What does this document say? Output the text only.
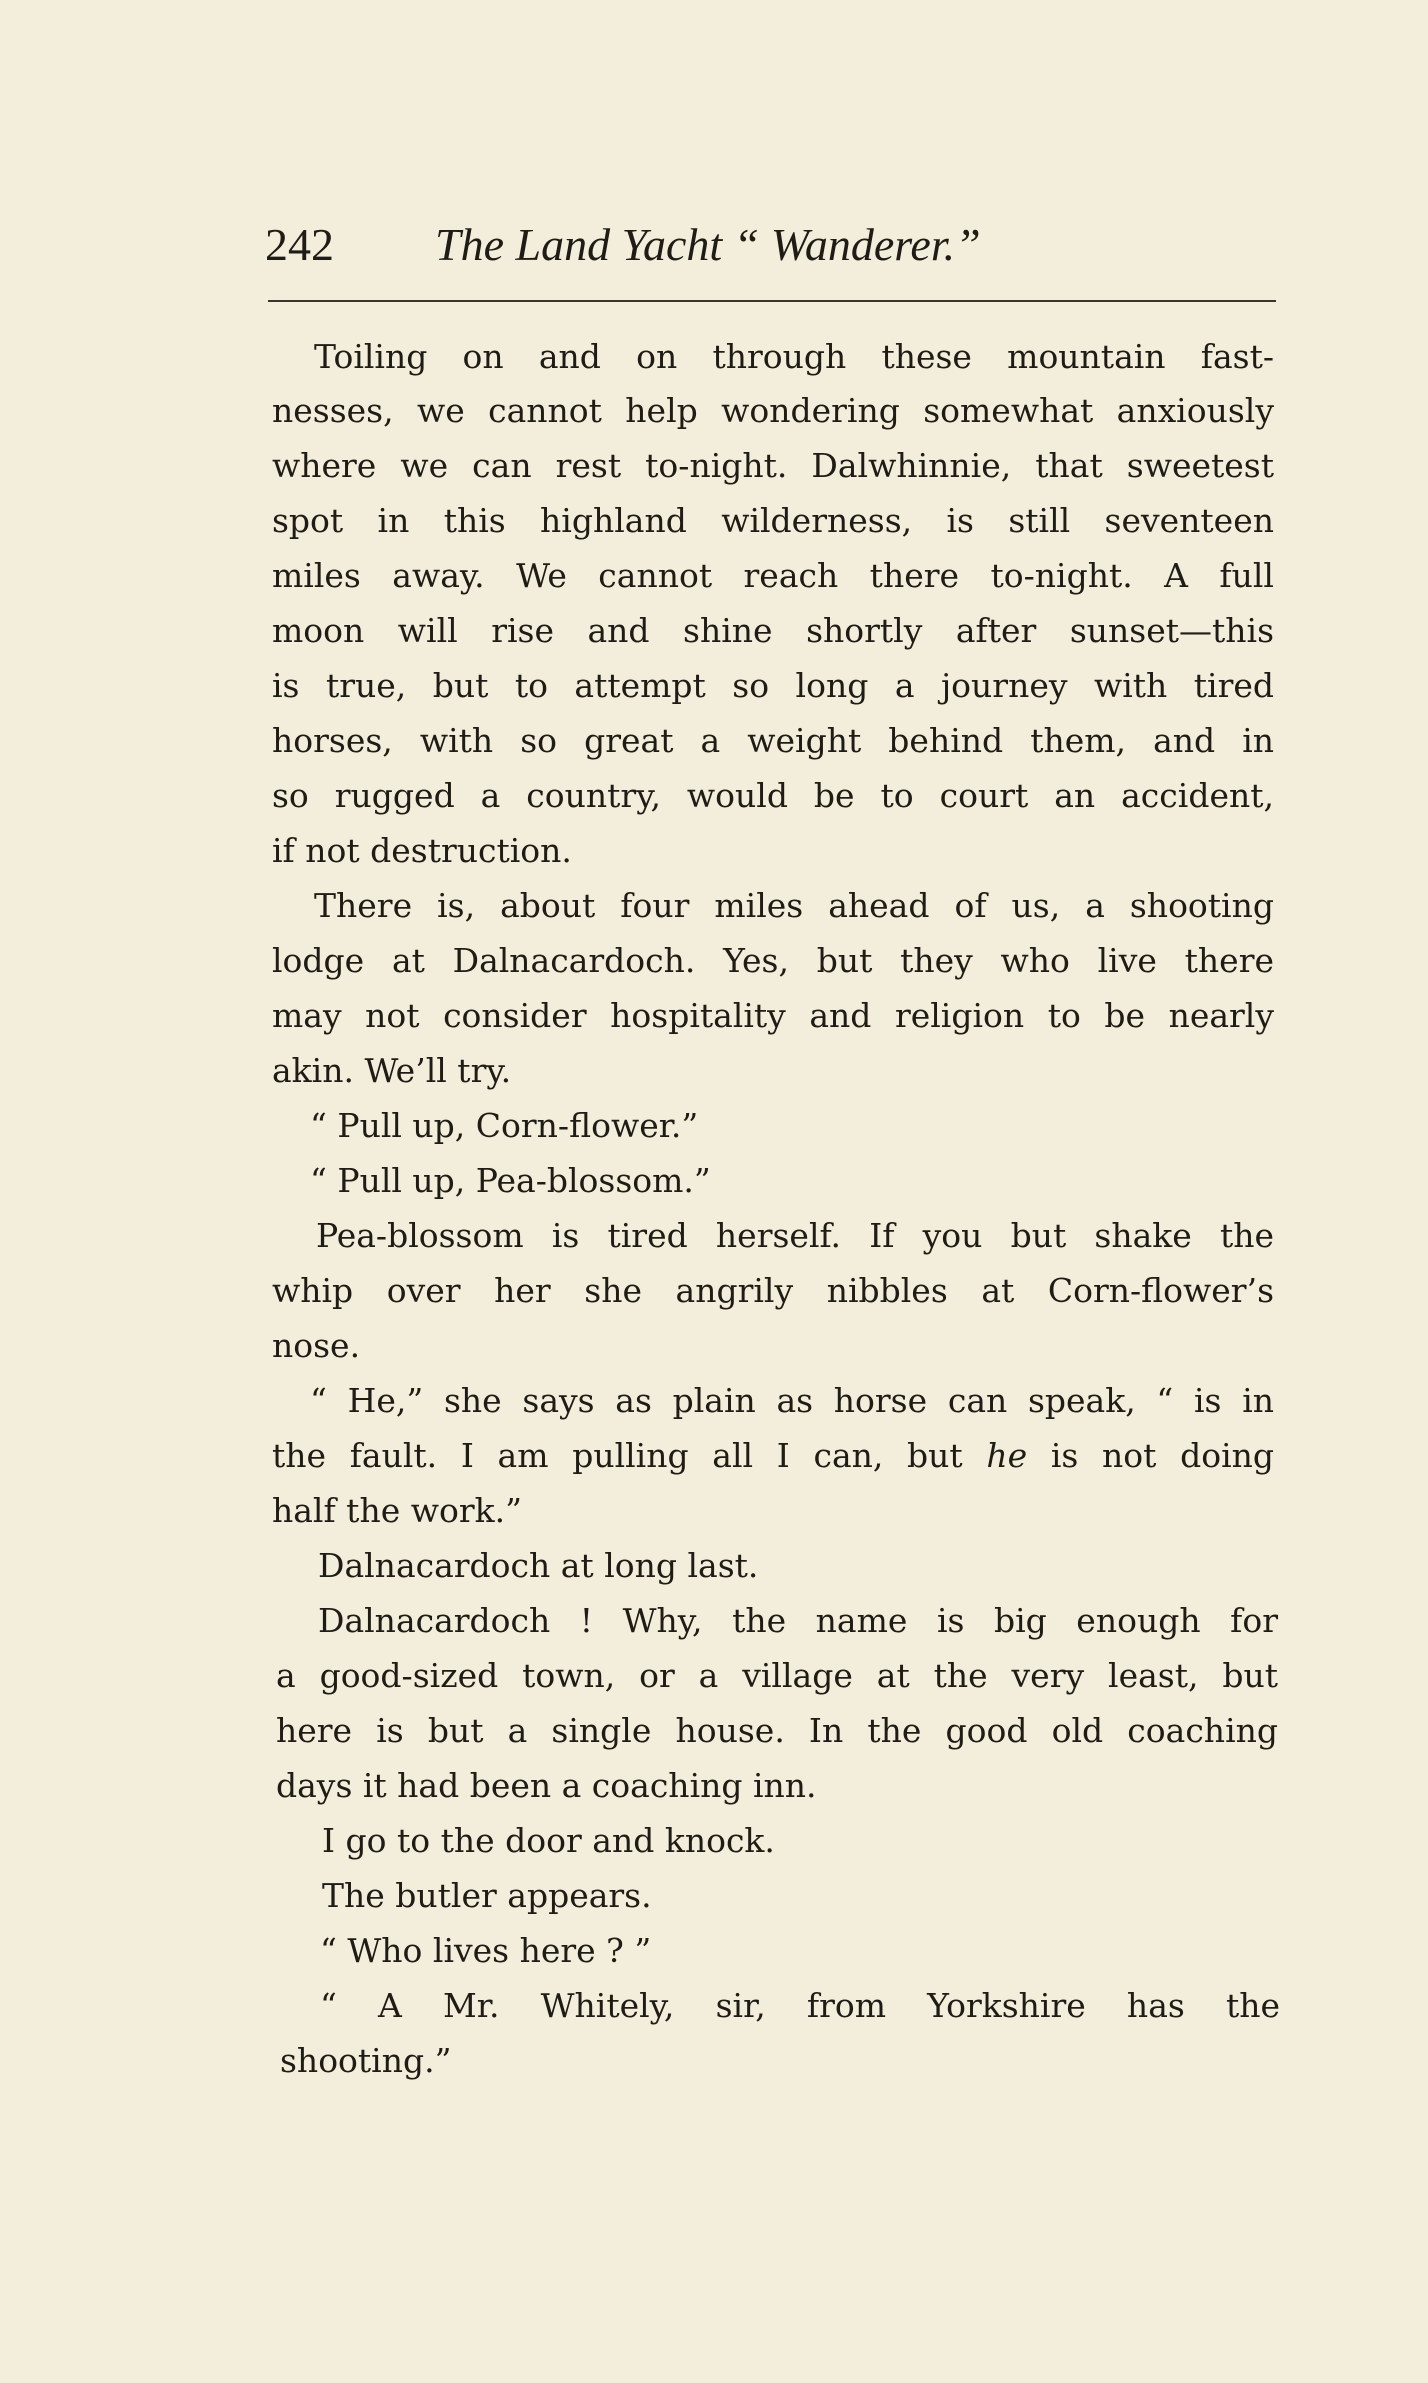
242 The Land Yacht “ Wanderer.”
Toiling on and on through these mountain fast-
nesses, we cannot help wondering somewhat anxiously
where we can rest to-night. Dalwhinnie, that sweetest
spot in this highland wilderness, is still seventeen
miles away. We cannot reach there to-night. A full
moon will rise and shine shortly after sunset—this
is true, but to attempt so long a journey with tired
horses, with so great a weight behind them, and in
so rugged a country, would be to court an accident,
if not destruction.
There is, about four miles ahead of us, a shooting
lodge at Dalnacardoch. Yes, but they who live there
may not consider hospitality and religion to be nearly
akin. We’ll try.
“ Pull up, Corn-flower.”
“ Pull up, Pea-blossom.”
Pea-blossom is tired herself. If you but shake the
whip over her she angrily nibbles at Corn-flower’s
nose.
“ He,” she says as plain as horse can speak, “ is in
the fault. I am pulling all I can, but he is not doing
half the work.”
Dalnacardoch at long last.
Dalnacardoch ! Why, the name is big enough for
a good-sized town, or a village at the very least, but
here is but a single house. In the good old coaching
days it had been a coaching inn.
I go to the door and knock.
The butler appears.
“ Who lives here ? ”
“ A Mr. Whitely, sir, from Yorkshire has the
shooting.”
